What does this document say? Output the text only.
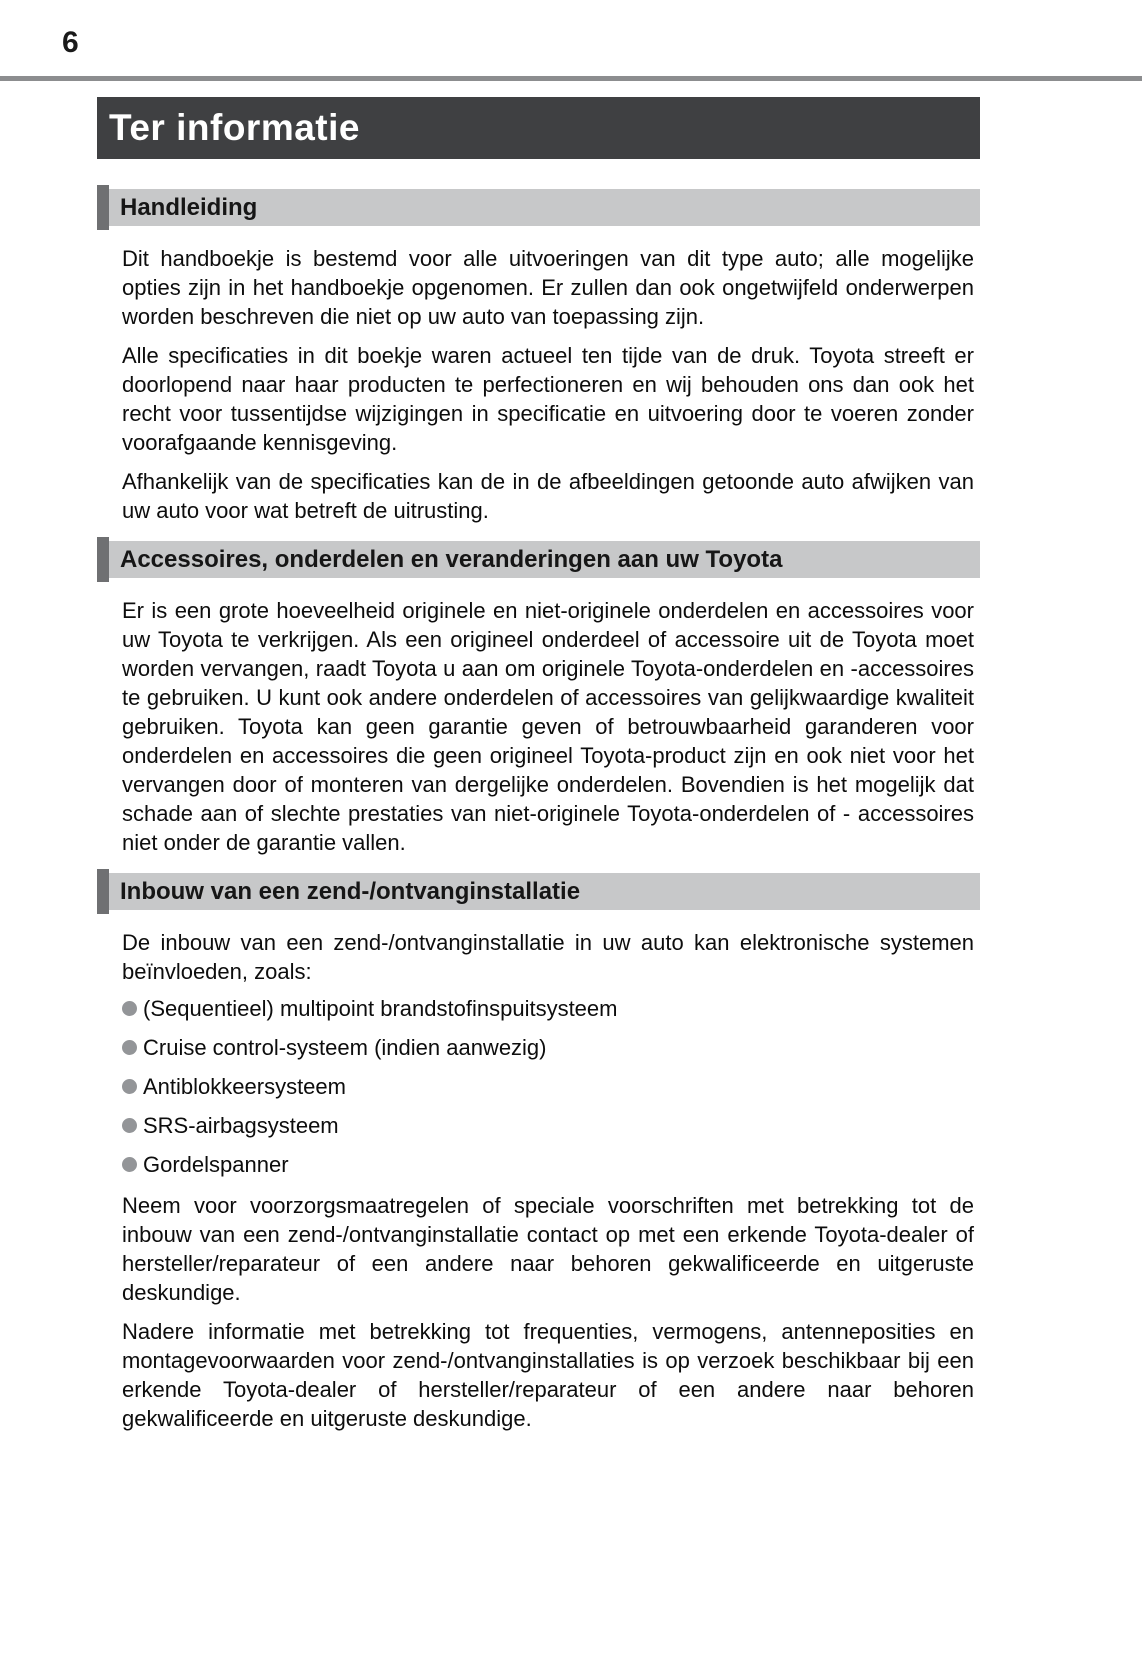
6
Ter informatie
Handleiding

Dit handboekje is bestemd voor alle uitvoeringen van dit type auto; alle mogelijke opties zijn in het handboekje opgenomen. Er zullen dan ook ongetwijfeld onderwerpen worden beschreven die niet op uw auto van toepassing zijn.

Alle specificaties in dit boekje waren actueel ten tijde van de druk. Toyota streeft er doorlopend naar haar producten te perfectioneren en wij behouden ons dan ook het recht voor tussentijdse wijzigingen in specificatie en uitvoering door te voeren zonder voorafgaande kennisgeving.

Afhankelijk van de specificaties kan de in de afbeeldingen getoonde auto afwijken van uw auto voor wat betreft de uitrusting.

Accessoires, onderdelen en veranderingen aan uw Toyota

Er is een grote hoeveelheid originele en niet-originele onderdelen en accessoires voor uw Toyota te verkrijgen. Als een origineel onderdeel of accessoire uit de Toyota moet worden vervangen, raadt Toyota u aan om originele Toyota-onderdelen en -accessoires te gebruiken. U kunt ook andere onderdelen of accessoires van gelijkwaardige kwaliteit gebruiken. Toyota kan geen garantie geven of betrouwbaarheid garanderen voor onderdelen en accessoires die geen origineel Toyota-product zijn en ook niet voor het vervangen door of monteren van dergelijke onderdelen. Bovendien is het mogelijk dat schade aan of slechte prestaties van niet-originele Toyota-onderdelen of - accessoires niet onder de garantie vallen.

Inbouw van een zend-/ontvanginstallatie

De inbouw van een zend-/ontvanginstallatie in uw auto kan elektronische systemen beïnvloeden, zoals:

(Sequentieel) multipoint brandstofinspuitsysteem
Cruise control-systeem (indien aanwezig)
Antiblokkeersysteem
SRS-airbagsysteem
Gordelspanner

Neem voor voorzorgsmaatregelen of speciale voorschriften met betrekking tot de inbouw van een zend-/ontvanginstallatie contact op met een erkende Toyota-dealer of hersteller/reparateur of een andere naar behoren gekwalificeerde en uitgeruste deskundige.

Nadere informatie met betrekking tot frequenties, vermogens, antenneposities en montagevoorwaarden voor zend-/ontvanginstallaties is op verzoek beschikbaar bij een erkende Toyota-dealer of hersteller/reparateur of een andere naar behoren gekwalificeerde en uitgeruste deskundige.
